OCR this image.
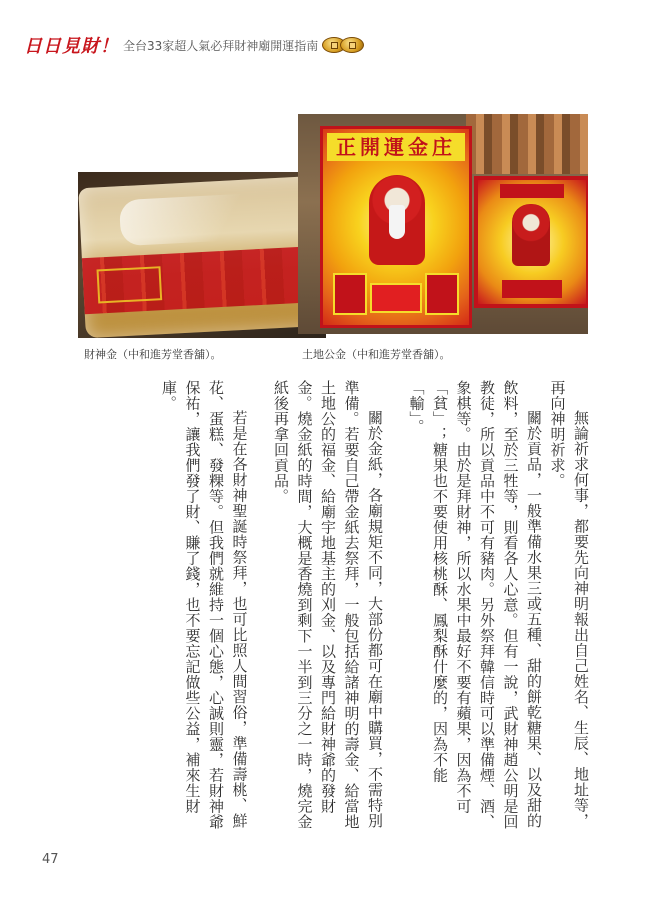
日日見財！ 全台33家超人氣必拜財神廟開運指南
正開運金庄
財神金（中和進芳堂香舖）。	土地公金（中和進芳堂香舖）。

無論祈求何事，都要先向神明報出自己姓名、生辰、地址等，再向神明祈求。

關於貢品，一般準備水果三或五種、甜的餅乾糖果、以及甜的飲料，至於三牲等，則看各人心意。但有一說，武財神趙公明是回教徒，所以貢品中不可有豬肉。另外祭拜韓信時可以準備煙、酒、象棋等。由於是拜財神，所以水果中最好不要有蘋果，因為不可「貧」；糖果也不要使用核桃酥、鳳梨酥什麼的，因為不能「輸」。

關於金紙，各廟規矩不同，大部份都可在廟中購買，不需特別準備。若要自己帶金紙去祭拜，一般包括給諸神明的壽金、給當地土地公的福金、給廟宇地基主的刈金、以及專門給財神爺的發財金。燒金紙的時間，大概是香燒到剩下一半到三分之一時，燒完金紙後再拿回貢品。

若是在各財神聖誕時祭拜，也可比照人間習俗，準備壽桃、鮮花、蛋糕、發粿等。但我們就維持一個心態，心誠則靈，若財神爺保祐，讓我們發了財、賺了錢，也不要忘記做些公益，補來生財庫。

47
